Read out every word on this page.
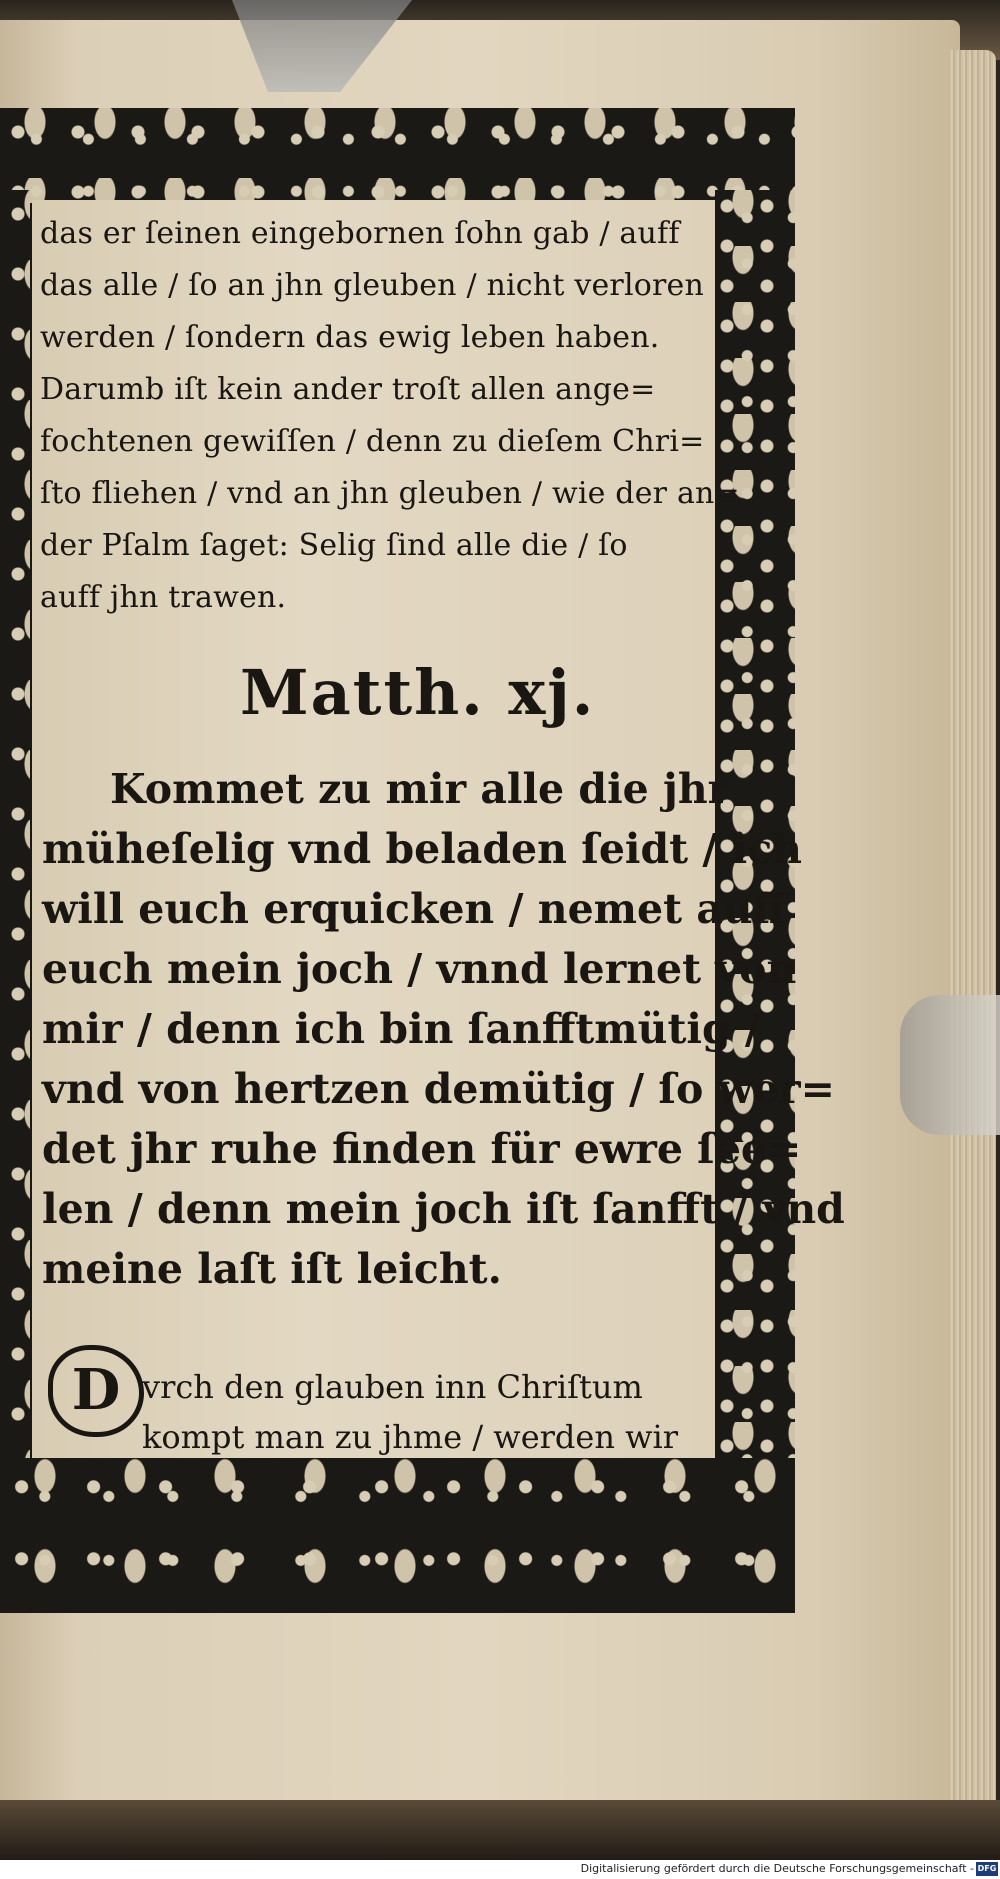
das er ſeinen eingebornen ſohn gab / auff
das alle / ſo an jhn gleuben / nicht verloren
werden / ſondern das ewig leben haben.
Darumb iſt kein ander troſt allen ange=
fochtenen gewiſſen / denn zu dieſem Chri=
ſto fliehen / vnd an jhn gleuben / wie der an=
der Pſalm ſaget: Selig ſind alle die / ſo
auff jhn trawen.
Matth. xj.
Kommet zu mir alle die jhr
müheſelig vnd beladen ſeidt / ich
will euch erquicken / nemet auff
euch mein joch / vnnd lernet von
mir / denn ich bin ſanfftmütig /
vnd von hertzen demütig / ſo wer=
det jhr ruhe finden für ewre ſee=
len / denn mein joch iſt ſanfft / vnd
meine laſt iſt leicht.
D vrch den glauben inn Chriſtum
kompt man zu jhme / werden wir
Digitalisierung gefördert durch die Deutsche Forschungsgemeinschaft - DFG
